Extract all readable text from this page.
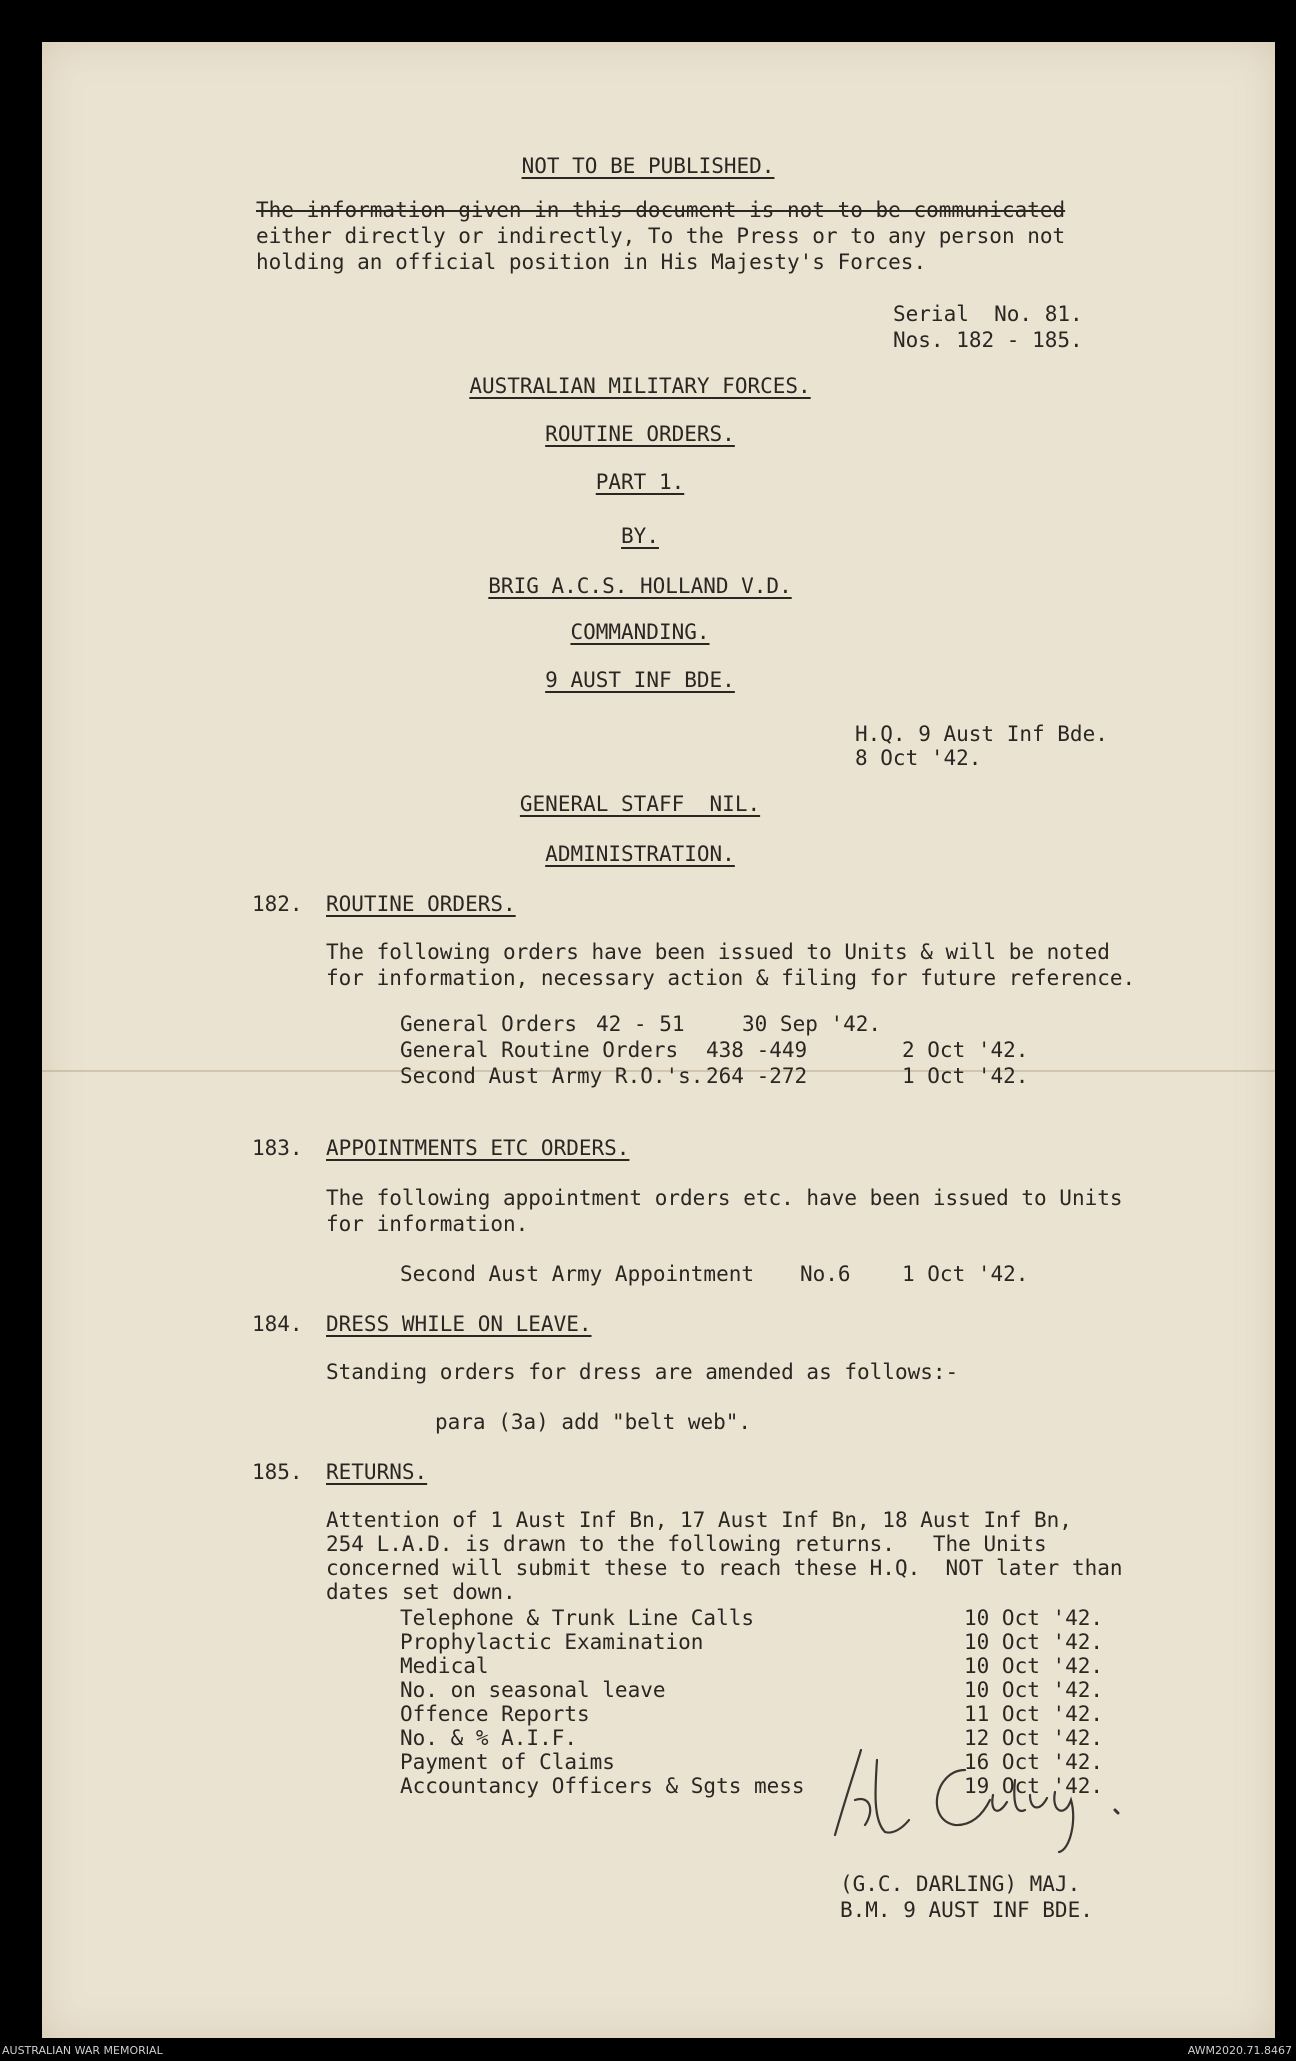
NOT TO BE PUBLISHED.
The information given in this document is not to be communicated
either directly or indirectly, To the Press or to any person not
holding an official position in His Majesty's Forces.
Serial  No. 81.
Nos. 182 - 185.
AUSTRALIAN MILITARY FORCES.
ROUTINE ORDERS.
PART 1.
BY.
BRIG A.C.S. HOLLAND V.D.
COMMANDING.
9 AUST INF BDE.
H.Q. 9 Aust Inf Bde.
8 Oct '42.
GENERAL STAFF  NIL.
ADMINISTRATION.
182. ROUTINE ORDERS.
The following orders have been issued to Units & will be noted
for information, necessary action & filing for future reference.
General Orders 42 - 51	30 Sep '42.
General Routine Orders 438 -449	2 Oct '42.
Second Aust Army R.O.'s. 264 -272	1 Oct '42.
183. APPOINTMENTS ETC ORDERS.
The following appointment orders etc. have been issued to Units
for information.
Second Aust Army Appointment No.6 1 Oct '42.
184. DRESS WHILE ON LEAVE.
Standing orders for dress are amended as follows:-
para (3a) add "belt web".
185. RETURNS.
Attention of 1 Aust Inf Bn, 17 Aust Inf Bn, 18 Aust Inf Bn,
254 L.A.D. is drawn to the following returns.   The Units
concerned will submit these to reach these H.Q.  NOT later than
dates set down.
Telephone & Trunk Line Calls	10 Oct '42.
Prophylactic Examination	10 Oct '42.
Medical	10 Oct '42.
No. on seasonal leave	10 Oct '42.
Offence Reports	11 Oct '42.
No. & % A.I.F.	12 Oct '42.
Payment of Claims	16 Oct '42.
Accountancy Officers & Sgts mess	19 Oct '42.
(G.C. DARLING) MAJ.
B.M. 9 AUST INF BDE.
AUSTRALIAN WAR MEMORIAL	AWM2020.71.8467
